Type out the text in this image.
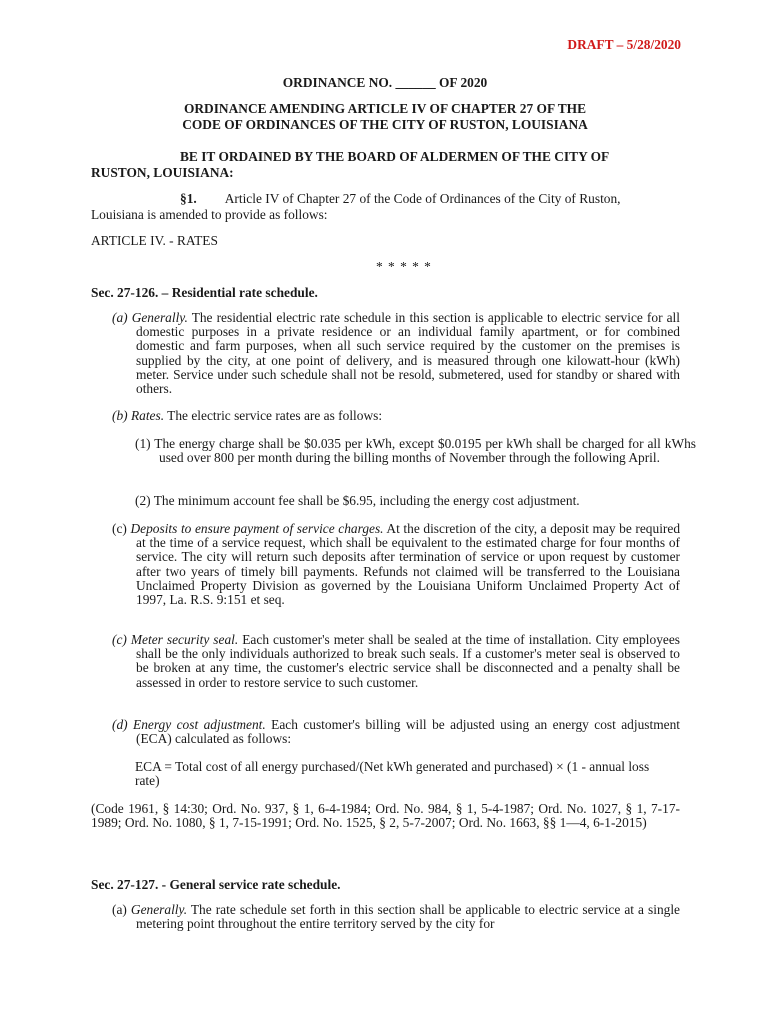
DRAFT – 5/28/2020
ORDINANCE NO. ______ OF 2020
ORDINANCE AMENDING ARTICLE IV OF CHAPTER 27 OF THE
CODE OF ORDINANCES OF THE CITY OF RUSTON, LOUISIANA
BE IT ORDAINED BY THE BOARD OF ALDERMEN OF THE CITY OF
RUSTON, LOUISIANA:
§1. Article IV of Chapter 27 of the Code of Ordinances of the City of Ruston,
Louisiana is amended to provide as follows:
ARTICLE IV. - RATES
* * * * *
Sec. 27-126. – Residential rate schedule.
(a) Generally. The residential electric rate schedule in this section is applicable to electric service for all domestic purposes in a private residence or an individual family apartment, or for combined domestic and farm purposes, when all such service required by the customer on the premises is supplied by the city, at one point of delivery, and is measured through one kilowatt-hour (kWh) meter. Service under such schedule shall not be resold, submetered, used for standby or shared with others.
(b) Rates. The electric service rates are as follows:
(1) The energy charge shall be $0.035 per kWh, except $0.0195 per kWh shall be charged for all kWhs used over 800 per month during the billing months of November through the following April.
(2) The minimum account fee shall be $6.95, including the energy cost adjustment.
(c) Deposits to ensure payment of service charges. At the discretion of the city, a deposit may be required at the time of a service request, which shall be equivalent to the estimated charge for four months of service. The city will return such deposits after termination of service or upon request by customer after two years of timely bill payments. Refunds not claimed will be transferred to the Louisiana Unclaimed Property Division as governed by the Louisiana Uniform Unclaimed Property Act of 1997, La. R.S. 9:151 et seq.
(c) Meter security seal. Each customer's meter shall be sealed at the time of installation. City employees shall be the only individuals authorized to break such seals. If a customer's meter seal is observed to be broken at any time, the customer's electric service shall be disconnected and a penalty shall be assessed in order to restore service to such customer.
(d) Energy cost adjustment. Each customer's billing will be adjusted using an energy cost adjustment (ECA) calculated as follows:
ECA = Total cost of all energy purchased/(Net kWh generated and purchased) × (1 - annual loss rate)
(Code 1961, § 14:30; Ord. No. 937, § 1, 6-4-1984; Ord. No. 984, § 1, 5-4-1987; Ord. No. 1027, § 1, 7-17-1989; Ord. No. 1080, § 1, 7-15-1991; Ord. No. 1525, § 2, 5-7-2007; Ord. No. 1663, §§ 1—4, 6-1-2015)
Sec. 27-127. - General service rate schedule.
(a) Generally. The rate schedule set forth in this section shall be applicable to electric service at a single metering point throughout the entire territory served by the city for
